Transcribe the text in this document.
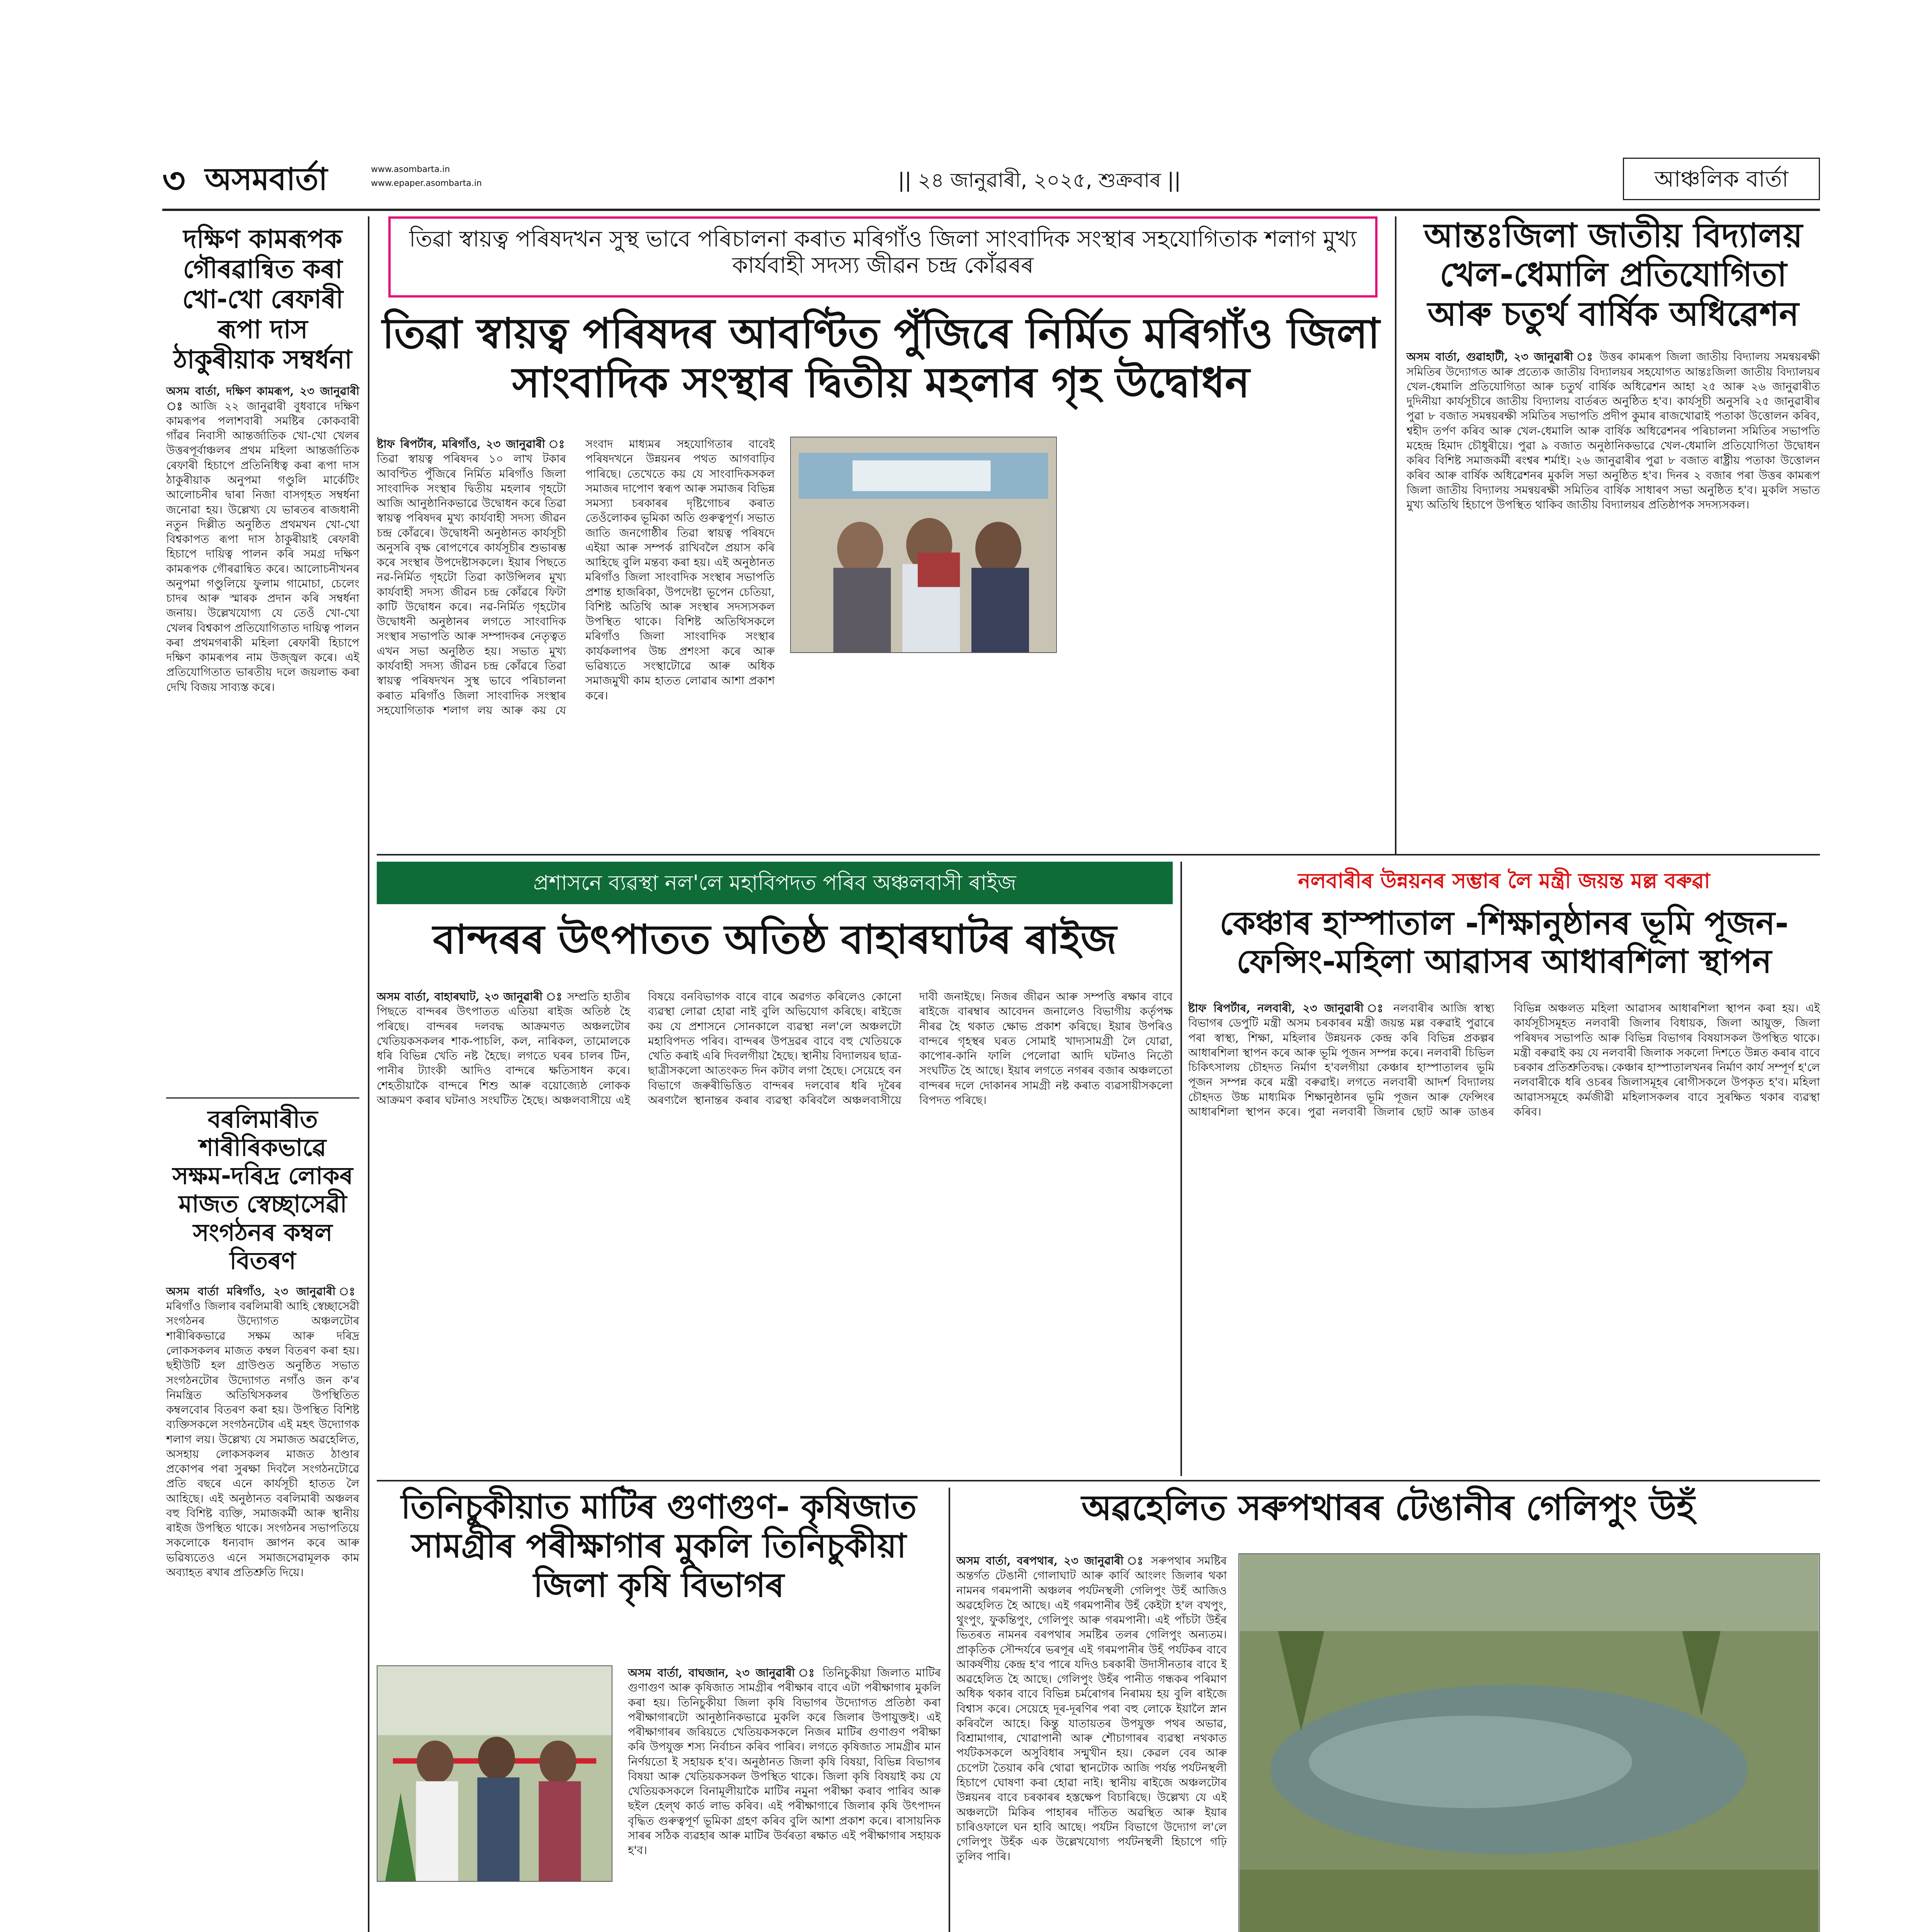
৩ অসমবাৰ্তা	www.asombarta.in
www.epaper.asombarta.in	|| ২৪ জানুৱাৰী, ২০২৫, শুক্ৰবাৰ ||	আঞ্চলিক বাৰ্তা
দক্ষিণ কামৰূপক গৌৰৱান্বিত কৰা খো-খো ৰেফাৰী ৰূপা দাস ঠাকুৰীয়াক সম্বৰ্ধনা
অসম বাৰ্তা, দক্ষিণ কামৰূপ, ২৩ জানুৱাৰী ঃ আজি ২২ জানুৱাৰী বুধবাৰে দক্ষিণ কামৰূপৰ পলাশবাৰী সমষ্টিৰ কোকবাৰী গাঁৱৰ নিবাসী আন্তৰ্জাতিক খো-খো খেলৰ উত্তৰপূৰ্বাঞ্চলৰ প্ৰথম মহিলা আন্তৰ্জাতিক ৰেফাৰী হিচাপে প্ৰতিনিধিত্ব কৰা ৰূপা দাস ঠাকুৰীয়াক অনুপমা গণ্ডুলি মাৰ্কেটিং আলোচনীৰ দ্বাৰা নিজা বাসগৃহত সম্বৰ্ধনা জনোৱা হয়। উল্লেখ্য যে ভাৰতৰ ৰাজধানী নতুন দিল্লীত অনুষ্ঠিত প্ৰথমখন খো-খো বিশ্বকাপত ৰূপা দাস ঠাকুৰীয়াই ৰেফাৰী হিচাপে দায়িত্ব পালন কৰি সমগ্ৰ দক্ষিণ কামৰূপক গৌৰৱান্বিত কৰে। আলোচনীখনৰ অনুপমা গণ্ডুলিয়ে ফুলাম গামোচা, চেলেং চাদৰ আৰু স্মাৰক প্ৰদান কৰি সম্বৰ্ধনা জনায়। উল্লেখযোগ্য যে তেওঁ খো-খো খেলৰ বিশ্বকাপ প্ৰতিযোগিতাত দায়িত্ব পালন কৰা প্ৰথমগৰাকী মহিলা ৰেফাৰী হিচাপে দক্ষিণ কামৰূপৰ নাম উজ্জ্বল কৰে। এই প্ৰতিযোগিতাত ভাৰতীয় দলে জয়লাভ কৰা দেখি বিজয় সাব্যস্ত কৰে।
বৰলিমাৰীত শাৰীৰিকভাৱে সক্ষম-দৰিদ্ৰ লোকৰ মাজত স্বেচ্ছাসেৱী সংগঠনৰ কম্বল বিতৰণ
অসম বাৰ্তা মৰিগাঁও, ২৩ জানুৱাৰী ঃ মৰিগাঁও জিলাৰ বৰলিমাৰী আহি স্বেচ্ছাসেৱী সংগঠনৰ উদ্যোগত অঞ্চলটোৰ শাৰীৰিকভাৱে সক্ষম আৰু দৰিদ্ৰ লোকসকলৰ মাজত কম্বল বিতৰণ কৰা হয়। ছহীউটি হল গ্ৰাউণ্ডত অনুষ্ঠিত সভাত সংগঠনটোৰ উদ্যোগত নগাঁও জন ক'ৰ নিমন্ত্ৰিত অতিথিসকলৰ উপস্থিতিত কম্বলবোৰ বিতৰণ কৰা হয়। উপস্থিত বিশিষ্ট ব্যক্তিসকলে সংগঠনটোৰ এই মহৎ উদ্যোগক শলাগ লয়। উল্লেখ্য যে সমাজত অৱহেলিত, অসহায় লোকসকলৰ মাজত ঠাণ্ডাৰ প্ৰকোপৰ পৰা সুৰক্ষা দিবলৈ সংগঠনটোৱে প্ৰতি বছৰে এনে কাৰ্যসূচী হাতত লৈ আহিছে। এই অনুষ্ঠানত বৰলিমাৰী অঞ্চলৰ বহু বিশিষ্ট ব্যক্তি, সমাজকৰ্মী আৰু স্থানীয় ৰাইজ উপস্থিত থাকে। সংগঠনৰ সভাপতিয়ে সকলোকে ধন্যবাদ জ্ঞাপন কৰে আৰু ভৱিষ্যতেও এনে সমাজসেৱামূলক কাম অব্যাহত ৰখাৰ প্ৰতিশ্ৰুতি দিয়ে।
তিৱা স্বায়ত্ব পৰিষদখন সুস্থ ভাবে পৰিচালনা কৰাত মৰিগাঁও জিলা সাংবাদিক সংস্থাৰ সহযোগিতাক শলাগ মুখ্য কাৰ্যবাহী সদস্য জীৱন চন্দ্ৰ কোঁৱৰৰ
তিৱা স্বায়ত্ব পৰিষদৰ আবণ্টিত পুঁজিৰে নিৰ্মিত মৰিগাঁও জিলা সাংবাদিক সংস্থাৰ দ্বিতীয় মহলাৰ গৃহ উদ্বোধন
ষ্টাফ ৰিপৰ্টাৰ, মৰিগাঁও, ২৩ জানুৱাৰী ঃ তিৱা স্বায়ত্ব পৰিষদৰ ১০ লাখ টকাৰ আবণ্টিত পুঁজিৰে নিৰ্মিত মৰিগাঁও জিলা সাংবাদিক সংস্থাৰ দ্বিতীয় মহলাৰ গৃহটো আজি আনুষ্ঠানিকভাৱে উদ্বোধন কৰে তিৱা স্বায়ত্ব পৰিষদৰ মুখ্য কাৰ্যবাহী সদস্য জীৱন চন্দ্ৰ কোঁৱৰে। উদ্বোধনী অনুষ্ঠানত কাৰ্যসূচী অনুসৰি বৃক্ষ ৰোপণেৰে কাৰ্যসূচীৰ শুভাৰম্ভ কৰে সংস্থাৰ উপদেষ্টাসকলে। ইয়াৰ পিছতে নৱ-নিৰ্মিত গৃহটো তিৱা কাউন্সিলৰ মুখ্য কাৰ্যবাহী সদস্য জীৱন চন্দ্ৰ কোঁৱৰে ফিটা কাটি উদ্বোধন কৰে। নৱ-নিৰ্মিত গৃহটোৰ উদ্বোধনী অনুষ্ঠানৰ লগতে সাংবাদিক সংস্থাৰ সভাপতি আৰু সম্পাদকৰ নেতৃত্বত এখন সভা অনুষ্ঠিত হয়। সভাত মুখ্য কাৰ্যবাহী সদস্য জীৱন চন্দ্ৰ কোঁৱৰে তিৱা স্বায়ত্ব পৰিষদখন সুস্থ ভাবে পৰিচালনা কৰাত মৰিগাঁও জিলা সাংবাদিক সংস্থাৰ সহযোগিতাক শলাগ লয় আৰু কয় যে সংবাদ মাধ্যমৰ সহযোগিতাৰ বাবেই পৰিষদখনে উন্নয়নৰ পথত আগবাঢ়িব পাৰিছে। তেখেতে কয় যে সাংবাদিকসকল সমাজৰ দাপোণ স্বৰূপ আৰু সমাজৰ বিভিন্ন সমস্যা চৰকাৰৰ দৃষ্টিগোচৰ কৰাত তেওঁলোকৰ ভূমিকা অতি গুৰুত্বপূৰ্ণ। সভাত জাতি জনগোষ্ঠীৰ তিৱা স্বায়ত্ব পৰিষদে এইয়া আৰু সম্পৰ্ক রাখিবলৈ প্ৰয়াস কৰি আহিছে বুলি মন্তব্য কৰা হয়। এই অনুষ্ঠানত মৰিগাঁও জিলা সাংবাদিক সংস্থাৰ সভাপতি প্ৰশান্ত হাজৰিকা, উপদেষ্টা ভূপেন চেতিয়া, বিশিষ্ট অতিথি আৰু সংস্থাৰ সদস্যসকল উপস্থিত থাকে। বিশিষ্ট অতিথিসকলে মৰিগাঁও জিলা সাংবাদিক সংস্থাৰ কাৰ্যকলাপৰ উচ্চ প্ৰশংসা কৰে আৰু ভৱিষ্যতে সংস্থাটোৱে আৰু অধিক সমাজমুখী কাম হাতত লোৱাৰ আশা প্ৰকাশ কৰে।
আন্তঃজিলা জাতীয় বিদ্যালয় খেল-ধেমালি প্ৰতিযোগিতা আৰু চতুৰ্থ বাৰ্ষিক অধিৱেশন
অসম বাৰ্তা, গুৱাহাটী, ২৩ জানুৱাৰী ঃ উত্তৰ কামৰূপ জিলা জাতীয় বিদ্যালয় সমন্বয়ৰক্ষী সমিতিৰ উদ্যোগত আৰু প্ৰত্যেক জাতীয় বিদ্যালয়ৰ সহযোগত আন্তঃজিলা জাতীয় বিদ্যালয়ৰ খেল-ধেমালি প্ৰতিযোগিতা আৰু চতুৰ্থ বাৰ্ষিক অধিৱেশন আহা ২৫ আৰু ২৬ জানুৱাৰীত দুদিনীয়া কাৰ্যসূচীৰে জাতীয় বিদ্যালয় বাৰ্তৰত অনুষ্ঠিত হ'ব। কাৰ্যসূচী অনুসৰি ২৫ জানুৱাৰীৰ পুৱা ৮ বজাত সমন্বয়ৰক্ষী সমিতিৰ সভাপতি প্ৰদীপ কুমাৰ ৰাজখোৱাই পতাকা উত্তোলন কৰিব, শ্বহীদ তৰ্পণ কৰিব আৰু খেল-ধেমালি আৰু বাৰ্ষিক অধিৱেশনৰ পৰিচালনা সমিতিৰ সভাপতি মহেন্দ্ৰ হিমাদ চৌধুৰীয়ে। পুৱা ৯ বজাত অনুষ্ঠানিকভাৱে খেল-ধেমালি প্ৰতিযোগিতা উদ্বোধন কৰিব বিশিষ্ট সমাজকৰ্মী ৰংশ্বৰ শৰ্মাই। ২৬ জানুৱাৰীৰ পুৱা ৮ বজাত ৰাষ্ট্ৰীয় পতাকা উত্তোলন কৰিব আৰু বাৰ্ষিক অধিৱেশনৰ মুকলি সভা অনুষ্ঠিত হ'ব। দিনৰ ২ বজাৰ পৰা উত্তৰ কামৰূপ জিলা জাতীয় বিদ্যালয় সমন্বয়ৰক্ষী সমিতিৰ বাৰ্ষিক সাধাৰণ সভা অনুষ্ঠিত হ'ব। মুকলি সভাত মুখ্য অতিথি হিচাপে উপস্থিত থাকিব জাতীয় বিদ্যালয়ৰ প্ৰতিষ্ঠাপক সদস্যসকল।
প্ৰশাসনে ব্যৱস্থা নল'লে মহাবিপদত পৰিব অঞ্চলবাসী ৰাইজ
বান্দৰৰ উৎপাতত অতিষ্ঠ বাহাৰঘাটৰ ৰাইজ
অসম বাৰ্তা, বাহাৰঘাট, ২৩ জানুৱাৰী ঃ সম্প্ৰতি হাতীৰ পিছতে বান্দৰৰ উৎপাতত এতিয়া ৰাইজ অতিষ্ঠ হৈ পৰিছে। বান্দৰৰ দলবদ্ধ আক্ৰমণত অঞ্চলটোৰ খেতিয়কসকলৰ শাক-পাচলি, কল, নাৰিকল, তামোলকে ধৰি বিভিন্ন খেতি নষ্ট হৈছে। লগতে ঘৰৰ চালৰ টিন, পানীৰ ট্যাংকী আদিও বান্দৰে ক্ষতিসাধন কৰে। শেহতীয়াকৈ বান্দৰে শিশু আৰু বয়োজ্যেষ্ঠ লোকক আক্ৰমণ কৰাৰ ঘটনাও সংঘটিত হৈছে। অঞ্চলবাসীয়ে এই বিষয়ে বনবিভাগক বাৰে বাৰে অৱগত কৰিলেও কোনো ব্যৱস্থা লোৱা হোৱা নাই বুলি অভিযোগ কৰিছে। ৰাইজে কয় যে প্ৰশাসনে সোনকালে ব্যৱস্থা নল'লে অঞ্চলটো মহাবিপদত পৰিব। বান্দৰৰ উপদ্ৰৱৰ বাবে বহু খেতিয়কে খেতি কৰাই এৰি দিবলগীয়া হৈছে। স্থানীয় বিদ্যালয়ৰ ছাত্ৰ-ছাত্ৰীসকলো আতংকত দিন কটাব লগা হৈছে। সেয়েহে বন বিভাগে জৰুৰীভিত্তিত বান্দৰৰ দলবোৰ ধৰি দূৰৈৰ অৰণ্যলৈ স্থানান্তৰ কৰাৰ ব্যৱস্থা কৰিবলৈ অঞ্চলবাসীয়ে দাবী জনাইছে। নিজৰ জীৱন আৰু সম্পত্তি ৰক্ষাৰ বাবে ৰাইজে বাৰম্বাৰ আবেদন জনালেও বিভাগীয় কৰ্তৃপক্ষ নীৰৱ হৈ থকাত ক্ষোভ প্ৰকাশ কৰিছে। ইয়াৰ উপৰিও বান্দৰে গৃহস্থৰ ঘৰত সোমাই খাদ্যসামগ্ৰী লৈ যোৱা, কাপোৰ-কানি ফালি পেলোৱা আদি ঘটনাও নিতৌ সংঘটিত হৈ আছে। ইয়াৰ লগতে নগৰৰ বজাৰ অঞ্চলতো বান্দৰৰ দলে দোকানৰ সামগ্ৰী নষ্ট কৰাত ব্যৱসায়ীসকলো বিপদত পৰিছে।
নলবাৰীৰ উন্নয়নৰ সম্ভাৰ লৈ মন্ত্ৰী জয়ন্ত মল্ল বৰুৱা
কেঞ্চাৰ হাস্পাতাল -শিক্ষানুষ্ঠানৰ ভূমি পূজন- ফেন্সিং-মহিলা আৱাসৰ আধাৰশিলা স্থাপন
ষ্টাফ ৰিপৰ্টাৰ, নলবাৰী, ২৩ জানুৱাৰী ঃ নলবাৰীৰ আজি স্বাস্থ্য বিভাগৰ ডেপুটি মন্ত্ৰী অসম চৰকাৰৰ মন্ত্ৰী জয়ন্ত মল্ল বৰুৱাই পুৱাৰে পৰা স্বাস্থ্য, শিক্ষা, মহিলাৰ উন্নয়নক কেন্দ্ৰ কৰি বিভিন্ন প্ৰকল্পৰ আধাৰশিলা স্থাপন কৰে আৰু ভূমি পূজন সম্পন্ন কৰে। নলবাৰী চিভিল চিকিৎসালয় চৌহদত নিৰ্মাণ হ'বলগীয়া কেঞ্চাৰ হাস্পাতালৰ ভূমি পূজন সম্পন্ন কৰে মন্ত্ৰী বৰুৱাই। লগতে নলবাৰী আদৰ্শ বিদ্যালয় চৌহদত উচ্চ মাধ্যমিক শিক্ষানুষ্ঠানৰ ভূমি পূজন আৰু ফেন্সিংৰ আধাৰশিলা স্থাপন কৰে। পুৱা নলবাৰী জিলাৰ ছোট আৰু ডাঙৰ বিভিন্ন অঞ্চলত মহিলা আৱাসৰ আধাৰশিলা স্থাপন কৰা হয়। এই কাৰ্যসূচীসমূহত নলবাৰী জিলাৰ বিধায়ক, জিলা আয়ুক্ত, জিলা পৰিষদৰ সভাপতি আৰু বিভিন্ন বিভাগৰ বিষয়াসকল উপস্থিত থাকে। মন্ত্ৰী বৰুৱাই কয় যে নলবাৰী জিলাক সকলো দিশতে উন্নত কৰাৰ বাবে চৰকাৰ প্ৰতিশ্ৰুতিবদ্ধ। কেঞ্চাৰ হাস্পাতালখনৰ নিৰ্মাণ কাৰ্য সম্পূৰ্ণ হ'লে নলবাৰীকে ধৰি ওচৰৰ জিলাসমূহৰ ৰোগীসকলে উপকৃত হ'ব। মহিলা আৱাসসমূহে কৰ্মজীৱী মহিলাসকলৰ বাবে সুৰক্ষিত থকাৰ ব্যৱস্থা কৰিব।
তিনিচুকীয়াত মাটিৰ গুণাগুণ- কৃষিজাত সামগ্ৰীৰ পৰীক্ষাগাৰ মুকলি তিনিচুকীয়া জিলা কৃষি বিভাগৰ
অসম বাৰ্তা, বাঘজান, ২৩ জানুৱাৰী ঃ তিনিচুকীয়া জিলাত মাটিৰ গুণাগুণ আৰু কৃষিজাত সামগ্ৰীৰ পৰীক্ষাৰ বাবে এটা পৰীক্ষাগাৰ মুকলি কৰা হয়। তিনিচুকীয়া জিলা কৃষি বিভাগৰ উদ্যোগত প্ৰতিষ্ঠা কৰা পৰীক্ষাগাৰটো আনুষ্ঠানিকভাৱে মুকলি কৰে জিলাৰ উপায়ুক্তই। এই পৰীক্ষাগাৰৰ জৰিয়তে খেতিয়কসকলে নিজৰ মাটিৰ গুণাগুণ পৰীক্ষা কৰি উপযুক্ত শস্য নিৰ্বাচন কৰিব পাৰিব। লগতে কৃষিজাত সামগ্ৰীৰ মান নিৰ্ণয়তো ই সহায়ক হ'ব। অনুষ্ঠানত জিলা কৃষি বিষয়া, বিভিন্ন বিভাগৰ বিষয়া আৰু খেতিয়কসকল উপস্থিত থাকে। জিলা কৃষি বিষয়াই কয় যে খেতিয়কসকলে বিনামূলীয়াকৈ মাটিৰ নমুনা পৰীক্ষা কৰাব পাৰিব আৰু ছইল হেল্থ কাৰ্ড লাভ কৰিব। এই পৰীক্ষাগাৰে জিলাৰ কৃষি উৎপাদন বৃদ্ধিত গুৰুত্বপূৰ্ণ ভূমিকা গ্ৰহণ কৰিব বুলি আশা প্ৰকাশ কৰে। ৰাসায়নিক সাৰৰ সঠিক ব্যৱহাৰ আৰু মাটিৰ উৰ্বৰতা ৰক্ষাত এই পৰীক্ষাগাৰ সহায়ক হ'ব।
অৱহেলিত সৰুপথাৰৰ টেঙানীৰ গেলিপুং উহঁ
অসম বাৰ্তা, বৰপথাৰ, ২৩ জানুৱাৰী ঃ সৰুপথাৰ সমষ্টিৰ অন্তৰ্গত টেঙানী গোলাঘাট আৰু কাৰ্বি আংলং জিলাৰ থকা নামনৰ গৰমপানী অঞ্চলৰ পৰ্যটনস্থলী গেলিপুং উহঁ আজিও অৱহেলিত হৈ আছে। এই গৰমপানীৰ উহঁ কেইটা হ'ল বখপুং, থুংপুং, ফুকন্তিপুং, গেলিপুং আৰু গৰমপানী। এই পাঁচটা উহঁৰ ভিতৰত নামনৰ বৰপথাৰ সমষ্টিৰ তলৰ গেলিপুং অন্যতম। প্ৰাকৃতিক সৌন্দৰ্যৰে ভৰপূৰ এই গৰমপানীৰ উহঁ পৰ্যটকৰ বাবে আকৰ্ষণীয় কেন্দ্ৰ হ'ব পাৰে যদিও চৰকাৰী উদাসীনতাৰ বাবে ই অৱহেলিত হৈ আছে। গেলিপুং উহঁৰ পানীত গন্ধকৰ পৰিমাণ অধিক থকাৰ বাবে বিভিন্ন চৰ্মৰোগৰ নিৰাময় হয় বুলি ৰাইজে বিশ্বাস কৰে। সেয়েহে দূৰ-দূৰণিৰ পৰা বহু লোকে ইয়ালৈ স্নান কৰিবলৈ আহে। কিন্তু যাতায়তৰ উপযুক্ত পথৰ অভাৱ, বিশ্ৰামাগাৰ, খোৱাপানী আৰু শৌচাগাৰৰ ব্যৱস্থা নথকাত পৰ্যটকসকলে অসুবিধাৰ সন্মুখীন হয়। কেৱল বেৰ আৰু চেপেটা তৈয়াৰ কৰি থোৱা স্থানটোক আজি পৰ্যন্ত পৰ্যটনস্থলী হিচাপে ঘোষণা কৰা হোৱা নাই। স্থানীয় ৰাইজে অঞ্চলটোৰ উন্নয়নৰ বাবে চৰকাৰৰ হস্তক্ষেপ বিচাৰিছে। উল্লেখ্য যে এই অঞ্চলটো মিকিৰ পাহাৰৰ দাঁতিত অৱস্থিত আৰু ইয়াৰ চাৰিওফালে ঘন হাবি আছে। পৰ্যটন বিভাগে উদ্যোগ ল'লে গেলিপুং উহঁক এক উল্লেখযোগ্য পৰ্যটনস্থলী হিচাপে গঢ়ি তুলিব পাৰি।
